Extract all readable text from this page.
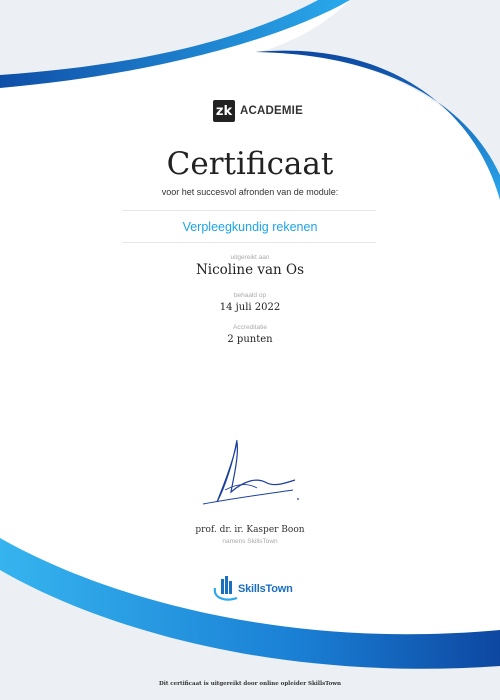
zk ACADEMIE
Certificaat
voor het succesvol afronden van de module:
Verpleegkundig rekenen
uitgereikt aan
Nicoline van Os
behaald op
14 juli 2022
Accreditatie
2 punten
prof. dr. ir. Kasper Boon
namens SkillsTown
SkillsTown
Dit certificaat is uitgereikt door online opleider SkillsTown
